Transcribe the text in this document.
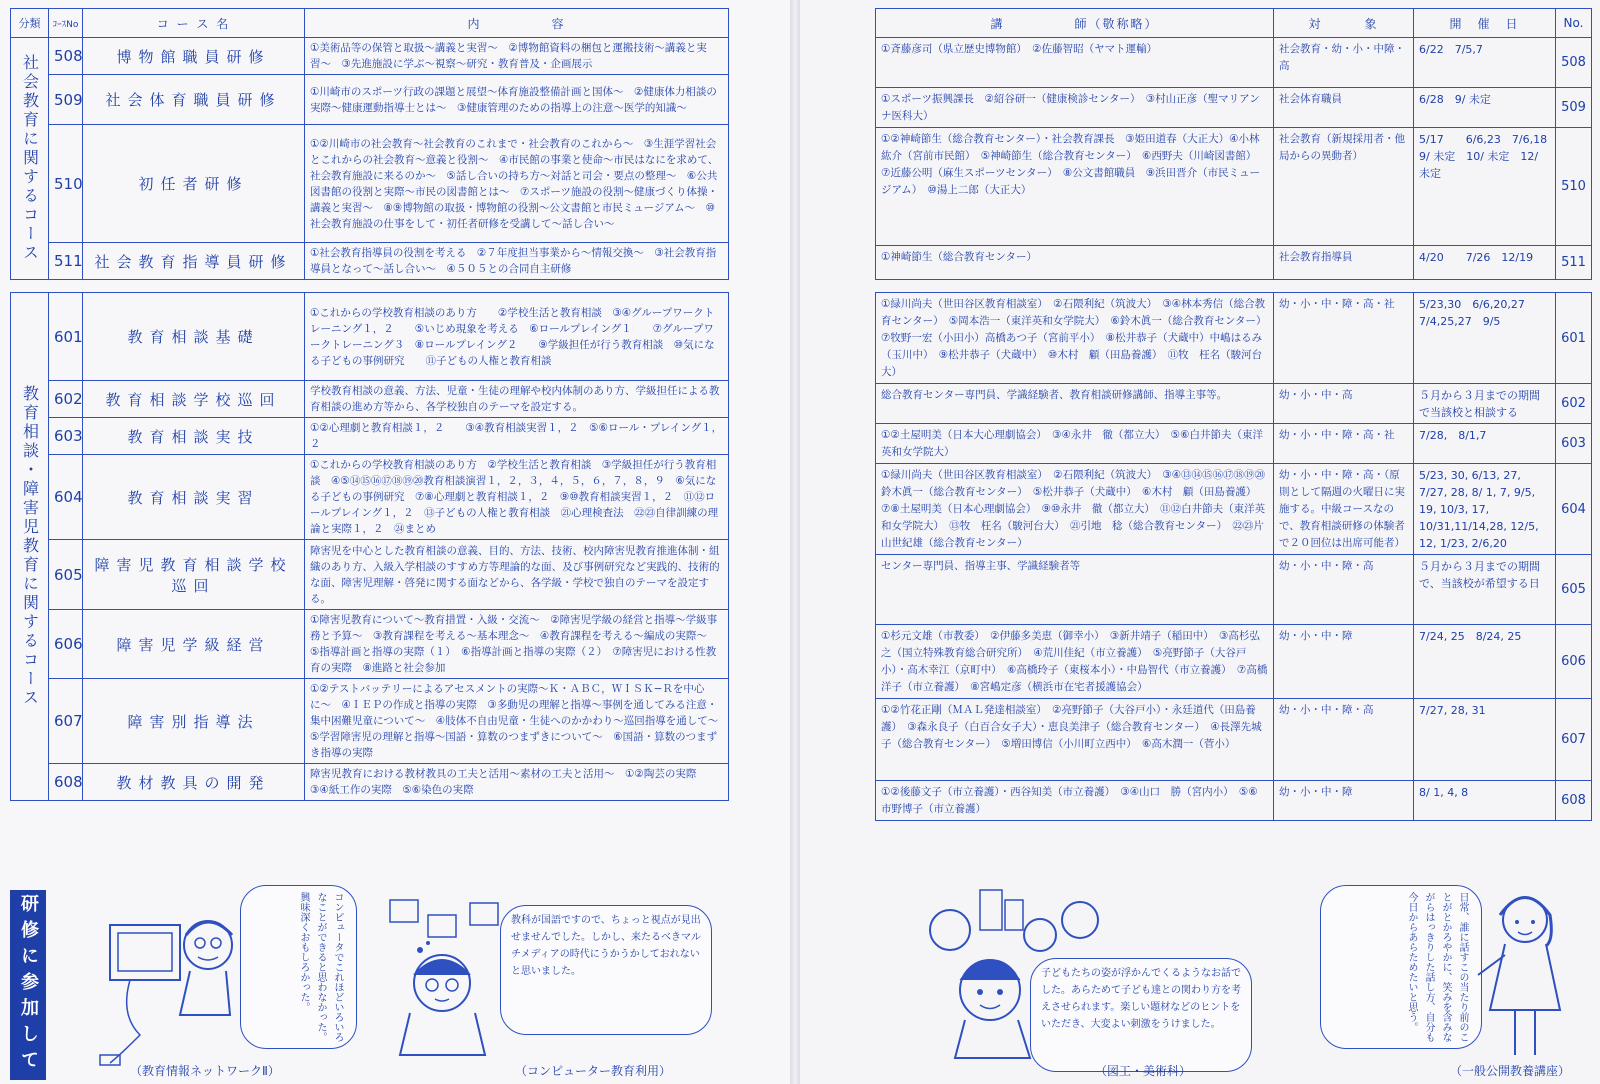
分類	ｺｰｽNo	コ ー ス 名	内　　　　　容
社会教育に関するコース	508	博物館職員研修	①美術品等の保管と取扱〜講義と実習〜　②博物館資料の梱包と運搬技術〜講義と実習〜　③先進施設に学ぶ〜視察〜研究・教育普及・企画展示
	509	社会体育職員研修	①川崎市のスポーツ行政の課題と展望〜体育施設整備計画と国体〜　②健康体力相談の実際〜健康運動指導士とは〜　③健康管理のための指導上の注意〜医学的知識〜
	510	初任者研修	①②川崎市の社会教育〜社会教育のこれまで・社会教育のこれから〜　③生涯学習社会とこれからの社会教育〜意義と役割〜　④市民館の事業と使命〜市民はなにを求めて、社会教育施設に来るのか〜　⑤話し合いの持ち方〜対話と司会・要点の整理〜　⑥公共図書館の役割と実際〜市民の図書館とは〜　⑦スポーツ施設の役割〜健康づくり体操・講義と実習〜　⑧⑨博物館の取扱・博物館の役割〜公文書館と市民ミュージアム〜　⑩社会教育施設の仕事をして・初任者研修を受講して〜話し合い〜
	511	社会教育指導員研修	①社会教育指導員の役割を考える　②７年度担当事業から〜情報交換〜　③社会教育指導員となって〜話し合い〜　④５０５との合同自主研修
教育相談・障害児教育に関するコース	601	教育相談基礎	①これからの学校教育相談のあり方　　②学校生活と教育相談　③④グループワークトレーニング１，２　　⑤いじめ現象を考える　⑥ロールプレイング１　　⑦グループワークトレーニング３　⑧ロールプレイング２　　⑨学級担任が行う教育相談　⑩気になる子どもの事例研究　　⑪子どもの人権と教育相談
	602	教育相談学校巡回	学校教育相談の意義、方法、児童・生徒の理解や校内体制のあり方、学級担任による教育相談の進め方等から、各学校独自のテーマを設定する。
	603	教育相談実技	①②心理劇と教育相談１，２　　③④教育相談実習１，２　⑤⑥ロール・プレイング１，２
	604	教育相談実習	①これからの学校教育相談のあり方　②学校生活と教育相談　③学級担任が行う教育相談　④⑤⑭⑮⑯⑰⑱⑲⑳教育相談演習１，２，３，４，５，６，７，８，９　⑥気になる子どもの事例研究　⑦⑧心理劇と教育相談１，２　⑨⑩教育相談実習１，２　⑪⑫ロールプレイング１，２　⑬子どもの人権と教育相談　㉑心理検査法　㉒㉓自律訓練の理論と実際１，２　㉔まとめ
	605	障害児教育相談学校巡回	障害児を中心とした教育相談の意義、目的、方法、技術、校内障害児教育推進体制・組織のあり方、入級入学相談のすすめ方等理論的な面、及び事例研究など実践的、技術的な面、障害児理解・啓発に関する面などから、各学級・学校で独自のテーマを設定する。
	606	障害児学級経営	①障害児教育について〜教育措置・入級・交流〜　②障害児学級の経営と指導〜学級事務と予算〜　③教育課程を考える〜基本理念〜　④教育課程を考える〜編成の実際〜　⑤指導計画と指導の実際（１）　⑥指導計画と指導の実際（２）　⑦障害児における性教育の実際　⑧進路と社会参加
	607	障害別指導法	①②テストバッテリーによるアセスメントの実際〜Ｋ・ＡＢＣ，ＷＩＳＫ−Ｒを中心に〜　④ＩＥＰの作成と指導の実際　③多動児の理解と指導〜事例を通してみる注意・集中困難児童について〜　④肢体不自由児童・生徒へのかかわり〜巡回指導を通して〜　⑤学習障害児の理解と指導〜国語・算数のつまずきについて〜　⑥国語・算数のつまずき指導の実際
	608	教材教具の開発	障害児教育における教材教具の工夫と活用〜素材の工夫と活用〜　①②陶芸の実際　③④紙工作の実際　⑤⑥染色の実際
講　　　　　師（敬称略）	対　　　象	開　催　日	No.
①斉藤彦司（県立歴史博物館）　②佐藤智昭（ヤマト運輸）	社会教育・幼・小・中障・高	6/22　7/5,7	508
①スポーツ振興課長　②紹谷研一（健康検診センター）　③村山正彦（聖マリアンナ医科大）	社会体育職員	6/28　9/ 未定	509
①②神崎節生（総合教育センター）・社会教育課長　③姫田道春（大正大）④小林紘介（宮前市民館）　⑤神崎節生（総合教育センター）　⑥西野夫（川崎図書館）　⑦近藤公明（麻生スポーツセンター）　⑧公文書館職員　⑨浜田晋介（市民ミュージアム）　⑩湯上二郎（大正大）	社会教育（新規採用者・他局からの異動者）	5/17　　6/6,23　7/6,18　9/ 未定　10/ 未定　12/ 未定	510
①神崎節生（総合教育センター）	社会教育指導員	4/20　　7/26　12/19	511
①緑川尚夫（世田谷区教育相談室）　②石隈利紀（筑波大）　③④林本秀信（総合教育センター）　⑤岡本浩一（東洋英和女学院大）　⑥鈴木眞一（総合教育センター）　⑦牧野一宏（小田小）高橋あつ子（宮前平小）　⑧松井恭子（犬蔵中）中嶋はるみ（玉川中）　⑨松井恭子（犬蔵中）　⑩木村　顧（田島養護）　⑪牧　枉名（駿河台大）	幼・小・中・障・高・社	5/23,30　6/6,20,27　7/4,25,27　9/5	601
総合教育センター専門員、学識経験者、教育相談研修講師、指導主事等。	幼・小・中・高	５月から３月までの期間で当該校と相談する	602
①②土屋明美（日本大心理劇協会）　③④永井　徹（都立大）　⑤⑥白井節夫（東洋英和女学院大）	幼・小・中・障・高・社	7/28,　8/1,7	603
①緑川尚夫（世田谷区教育相談室）　②石隈利紀（筑波大）　③④⑬⑭⑮⑯⑰⑱⑲⑳鈴木眞一（総合教育センター）　⑤松井恭子（犬蔵中）　⑥木村　顧（田島養護）　⑦⑧土屋明美（日本心理劇協会）　⑨⑩永井　徹（都立大）　⑪⑫白井節夫（東洋英和女学院大）　⑬牧　枉名（駿河台大）　㉑引地　稔（総合教育センター）　㉒㉓片山世紀雄（総合教育センター）	幼・小・中・障・高・（原則として隔週の火曜日に実施する。中級コースなので、教育相談研修の体験者で２０回位は出席可能者）	5/23, 30, 6/13, 27, 7/27, 28, 8/ 1, 7, 9/5, 19, 10/3, 17, 10/31,11/14,28, 12/5, 12, 1/23, 2/6,20	604
センター専門員、指導主事、学識経験者等	幼・小・中・障・高	５月から３月までの期間で、当該校が希望する日	605
①杉元文雄（市教委）　②伊藤多美恵（御幸小）　③新井靖子（稲田中）　③高杉弘之（国立特殊教育総合研究所）　④荒川佳紀（市立養護）　⑤亮野節子（大谷戸小）・高木幸江（京町中）　⑥高橋玲子（東桜本小）・中島智代（市立養護）　⑦高橋洋子（市立養護）　⑧宮嶋定彦（横浜市在宅者援護協会）	幼・小・中・障	7/24, 25　8/24, 25	606
①②竹花正剛（ＭＡＬ発達相談室）　②亮野節子（大谷戸小）・永廷道代（田島養護）　③森永良子（白百合女子大）・恵良美津子（総合教育センター）　④長澤先城子（総合教育センター）　⑤増田博信（小川町立西中）　⑥高木潤一（菅小）	幼・小・中・障・高	7/27, 28, 31	607
①②後藤文子（市立養護）・西谷知美（市立養護）　③④山口　勝（宮内小）　⑤⑥市野博子（市立養護）	幼・小・中・障	8/ 1, 4, 8	608
研修に参加して	コンピュータでこれほどいろいろなことができると思わなかった。興味深くおもしろかった。
（教育情報ネットワークⅡ）
教科が国語ですので、ちょっと視点が見出せませんでした。しかし、来たるべきマルチメディアの時代にうかうかしておれないと思いました。
（コンピューター教育利用）
子どもたちの姿が浮かんでくるようなお話でした。あらためて子ども達との関わり方を考えさせられます。楽しい題材などのヒントをいただき、大変よい刺激をうけました。
（図工・美術科）
日常、誰に話すこの当たり前のことがとかろやかに、笑みを含みながらはっきりした話し方、自分も今日からあらためたいと思う。
（一般公開教養講座）
